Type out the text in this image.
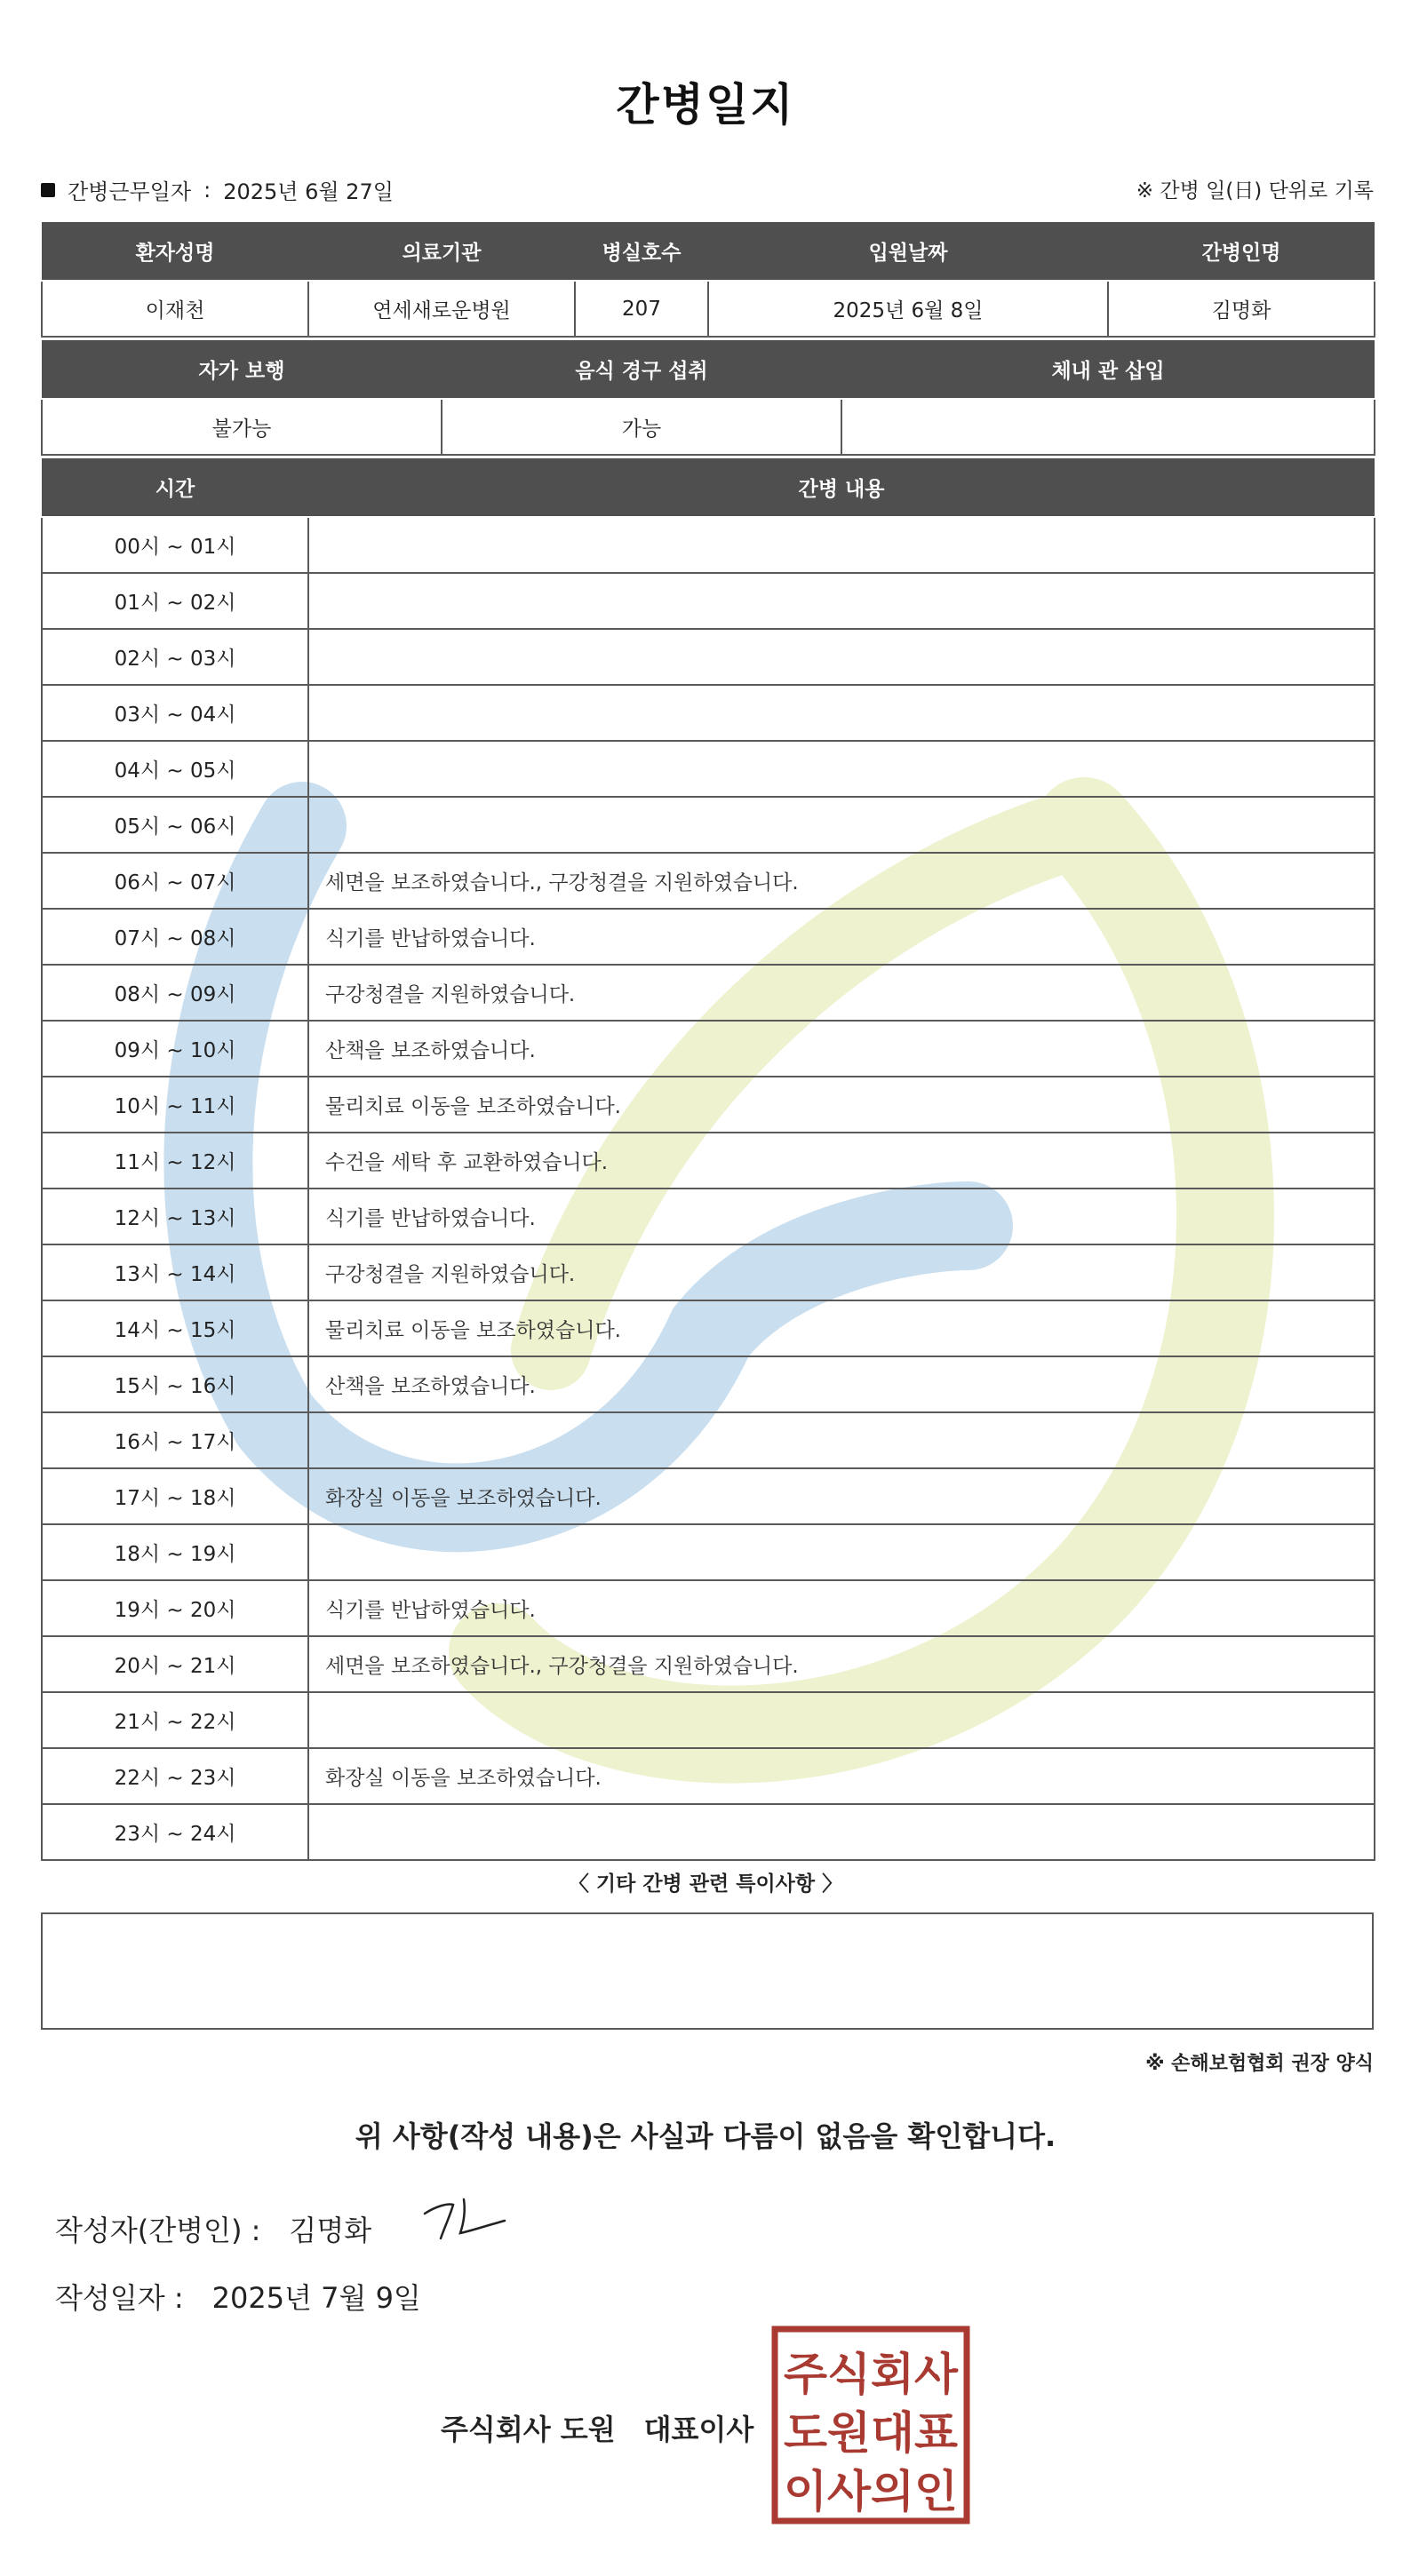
간병일지
간병근무일자 : 2025년 6월 27일	※ 간병 일(日) 단위로 기록
환자성명	의료기관	병실호수	입원날짜	간병인명
이재천	연세새로운병원	207	2025년 6월 8일	김명화
자가 보행	음식 경구 섭취	체내 관 삽입
불가능	가능	
시간	간병 내용
00시 ~ 01시	
01시 ~ 02시	
02시 ~ 03시	
03시 ~ 04시	
04시 ~ 05시	
05시 ~ 06시	
06시 ~ 07시	세면을 보조하였습니다., 구강청결을 지원하였습니다.
07시 ~ 08시	식기를 반납하였습니다.
08시 ~ 09시	구강청결을 지원하였습니다.
09시 ~ 10시	산책을 보조하였습니다.
10시 ~ 11시	물리치료 이동을 보조하였습니다.
11시 ~ 12시	수건을 세탁 후 교환하였습니다.
12시 ~ 13시	식기를 반납하였습니다.
13시 ~ 14시	구강청결을 지원하였습니다.
14시 ~ 15시	물리치료 이동을 보조하였습니다.
15시 ~ 16시	산책을 보조하였습니다.
16시 ~ 17시	
17시 ~ 18시	화장실 이동을 보조하였습니다.
18시 ~ 19시	
19시 ~ 20시	식기를 반납하였습니다.
20시 ~ 21시	세면을 보조하였습니다., 구강청결을 지원하였습니다.
21시 ~ 22시	
22시 ~ 23시	화장실 이동을 보조하였습니다.
23시 ~ 24시	
〈 기타 간병 관련 특이사항 〉
※ 손해보험협회 권장 양식
위 사항(작성 내용)은 사실과 다름이 없음을 확인합니다.
작성자(간병인) : 김명화
작성일자 : 2025년 7월 9일
주식회사 도원 대표이사
주식회사
도원대표
이사의인
